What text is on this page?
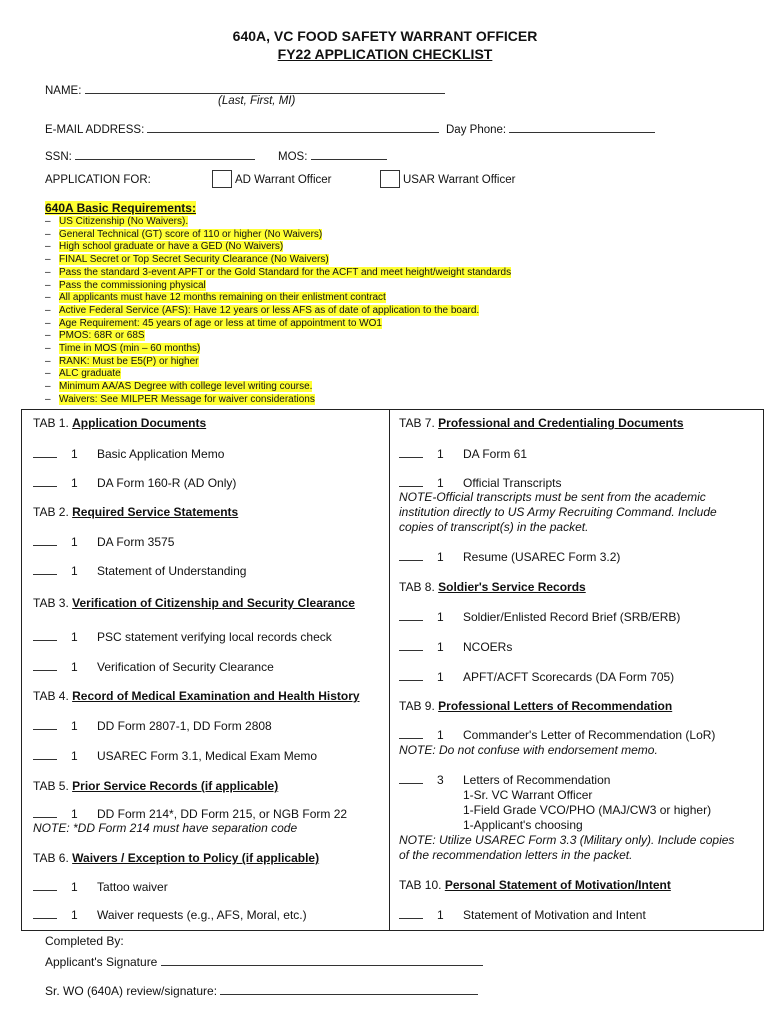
640A, VC FOOD SAFETY WARRANT OFFICER
FY22 APPLICATION CHECKLIST
NAME:
(Last, First, MI)
E-MAIL ADDRESS:	Day Phone:
SSN:	MOS:
APPLICATION FOR:	AD Warrant Officer	USAR Warrant Officer
640A Basic Requirements:
– US Citizenship (No Waivers).
– General Technical (GT) score of 110 or higher (No Waivers)
– High school graduate or have a GED (No Waivers)
– FINAL Secret or Top Secret Security Clearance (No Waivers)
– Pass the standard 3-event APFT or the Gold Standard for the ACFT and meet height/weight standards
– Pass the commissioning physical
– All applicants must have 12 months remaining on their enlistment contract
– Active Federal Service (AFS): Have 12 years or less AFS as of date of application to the board.
– Age Requirement: 45 years of age or less at time of appointment to WO1
– PMOS: 68R or 68S
– Time in MOS (min – 60 months)
– RANK: Must be E5(P) or higher
– ALC graduate
– Minimum AA/AS Degree with college level writing course.
– Waivers: See MILPER Message for waiver considerations
TAB 1. Application Documents
1 Basic Application Memo
1 DA Form 160-R (AD Only)
TAB 2. Required Service Statements
1 DA Form 3575
1 Statement of Understanding
TAB 3. Verification of Citizenship and Security Clearance
1 PSC statement verifying local records check
1 Verification of Security Clearance
TAB 4. Record of Medical Examination and Health History
1 DD Form 2807-1, DD Form 2808
1 USAREC Form 3.1, Medical Exam Memo
TAB 5. Prior Service Records (if applicable)
1 DD Form 214*, DD Form 215, or NGB Form 22
NOTE: *DD Form 214 must have separation code
TAB 6. Waivers / Exception to Policy (if applicable)
1 Tattoo waiver
1 Waiver requests (e.g., AFS, Moral, etc.)
TAB 7. Professional and Credentialing Documents
1 DA Form 61
1 Official Transcripts
NOTE-Official transcripts must be sent from the academic institution directly to US Army Recruiting Command. Include copies of transcript(s) in the packet.
1 Resume (USAREC Form 3.2)
TAB 8. Soldier's Service Records
1 Soldier/Enlisted Record Brief (SRB/ERB)
1 NCOERs
1 APFT/ACFT Scorecards (DA Form 705)
TAB 9. Professional Letters of Recommendation
1 Commander's Letter of Recommendation (LoR)
NOTE: Do not confuse with endorsement memo.
3 Letters of Recommendation
1-Sr. VC Warrant Officer
1-Field Grade VCO/PHO (MAJ/CW3 or higher)
1-Applicant's choosing
NOTE: Utilize USAREC Form 3.3 (Military only). Include copies of the recommendation letters in the packet.
TAB 10. Personal Statement of Motivation/Intent
1 Statement of Motivation and Intent
Completed By:
Applicant's Signature
Sr. WO (640A) review/signature:
